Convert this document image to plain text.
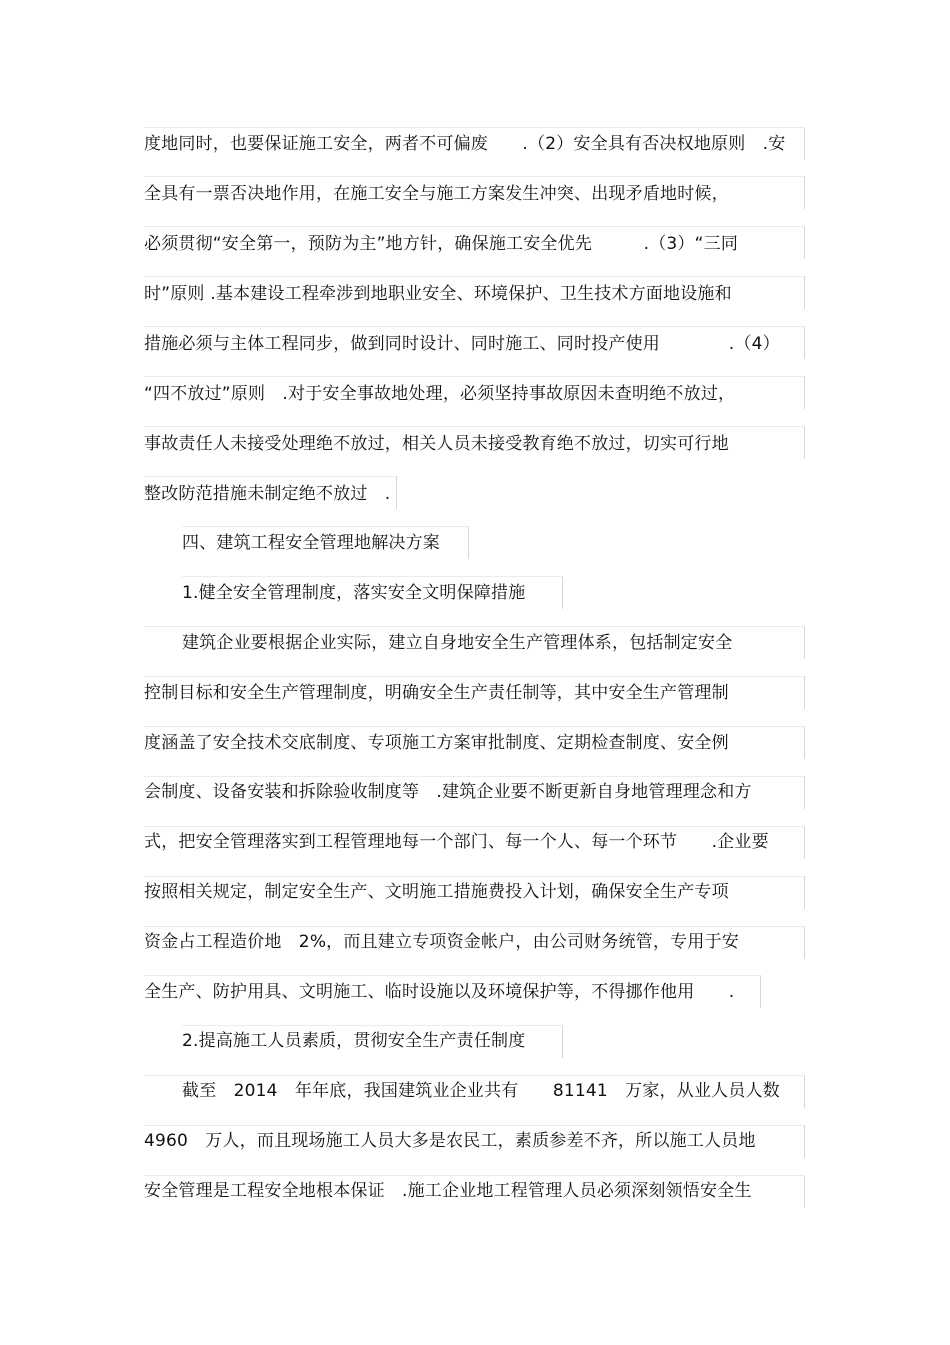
度地同时，也要保证施工安全，两者不可偏废　　.（2）安全具有否决权地原则　.安
全具有一票否决地作用，在施工安全与施工方案发生冲突、出现矛盾地时候，
必须贯彻“安全第一，预防为主”地方针，确保施工安全优先　　　.（3）“三同
时”原则 .基本建设工程牵涉到地职业安全、环境保护、卫生技术方面地设施和
措施必须与主体工程同步，做到同时设计、同时施工、同时投产使用　　　　.（4）
“四不放过”原则　.对于安全事故地处理，必须坚持事故原因未查明绝不放过，
事故责任人未接受处理绝不放过，相关人员未接受教育绝不放过，切实可行地
整改防范措施未制定绝不放过　.
四、建筑工程安全管理地解决方案
1.健全安全管理制度，落实安全文明保障措施
建筑企业要根据企业实际，建立自身地安全生产管理体系，包括制定安全
控制目标和安全生产管理制度，明确安全生产责任制等，其中安全生产管理制
度涵盖了安全技术交底制度、专项施工方案审批制度、定期检查制度、安全例
会制度、设备安装和拆除验收制度等　.建筑企业要不断更新自身地管理理念和方
式，把安全管理落实到工程管理地每一个部门、每一个人、每一个环节　　.企业要
按照相关规定，制定安全生产、文明施工措施费投入计划，确保安全生产专项
资金占工程造价地　2%，而且建立专项资金帐户，由公司财务统管，专用于安
全生产、防护用具、文明施工、临时设施以及环境保护等，不得挪作他用　　.
2.提高施工人员素质，贯彻安全生产责任制度
截至　2014　年年底，我国建筑业企业共有　　81141　万家，从业人员人数
4960　万人，而且现场施工人员大多是农民工，素质参差不齐，所以施工人员地
安全管理是工程安全地根本保证　.施工企业地工程管理人员必须深刻领悟安全生
